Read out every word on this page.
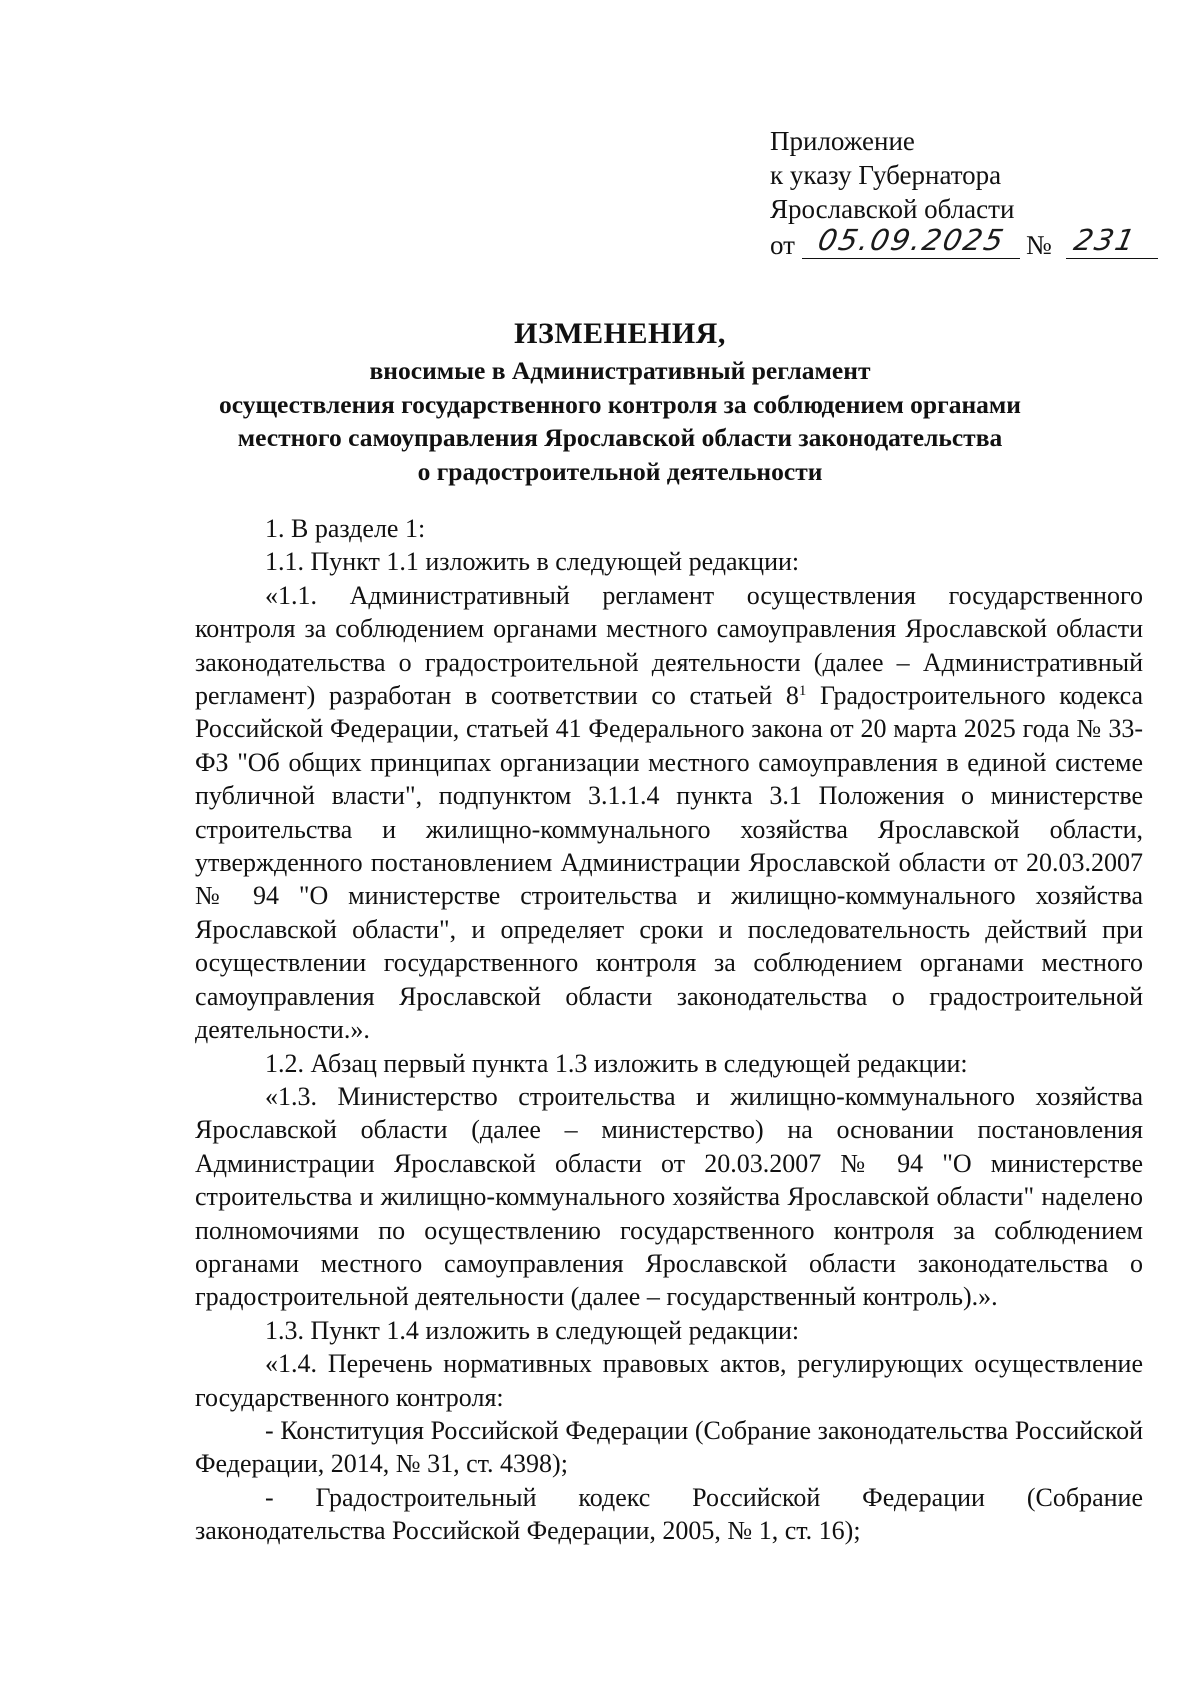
Приложение
к указу Губернатора
Ярославской области
от 05.09.2025 № 231
ИЗМЕНЕНИЯ,
вносимые в Административный регламент
осуществления государственного контроля за соблюдением органами
местного самоуправления Ярославской области законодательства
о градостроительной деятельности

1. В разделе 1:

1.1. Пункт 1.1 изложить в следующей редакции:

«1.1. Административный регламент осуществления государственного контроля за соблюдением органами местного самоуправления Ярославской области законодательства о градостроительной деятельности (далее – Административный регламент) разработан в соответствии со статьей $8^1$ Градостроительного кодекса Российской Федерации, статьей 41 Федерального закона от 20 марта 2025 года № 33-ФЗ "Об общих принципах организации местного самоуправления в единой системе публичной власти", подпунктом 3.1.1.4 пункта 3.1 Положения о министерстве строительства и жилищно-коммунального хозяйства Ярославской области, утвержденного постановлением Администрации Ярославской области от 20.03.2007 № 94 "О министерстве строительства и жилищно-коммунального хозяйства Ярославской области", и определяет сроки и последовательность действий при осуществлении государственного контроля за соблюдением органами местного самоуправления Ярославской области законодательства о градостроительной деятельности.».

1.2. Абзац первый пункта 1.3 изложить в следующей редакции:

«1.3. Министерство строительства и жилищно-коммунального хозяйства Ярославской области (далее – министерство) на основании постановления Администрации Ярославской области от 20.03.2007 № 94 "О министерстве строительства и жилищно-коммунального хозяйства Ярославской области" наделено полномочиями по осуществлению государственного контроля за соблюдением органами местного самоуправления Ярославской области законодательства о градостроительной деятельности (далее – государственный контроль).».

1.3. Пункт 1.4 изложить в следующей редакции:

«1.4. Перечень нормативных правовых актов, регулирующих осуществление государственного контроля:

- Конституция Российской Федерации (Собрание законодательства Российской Федерации, 2014, № 31, ст. 4398);

- Градостроительный кодекс Российской Федерации (Собрание законодательства Российской Федерации, 2005, № 1, ст. 16);
